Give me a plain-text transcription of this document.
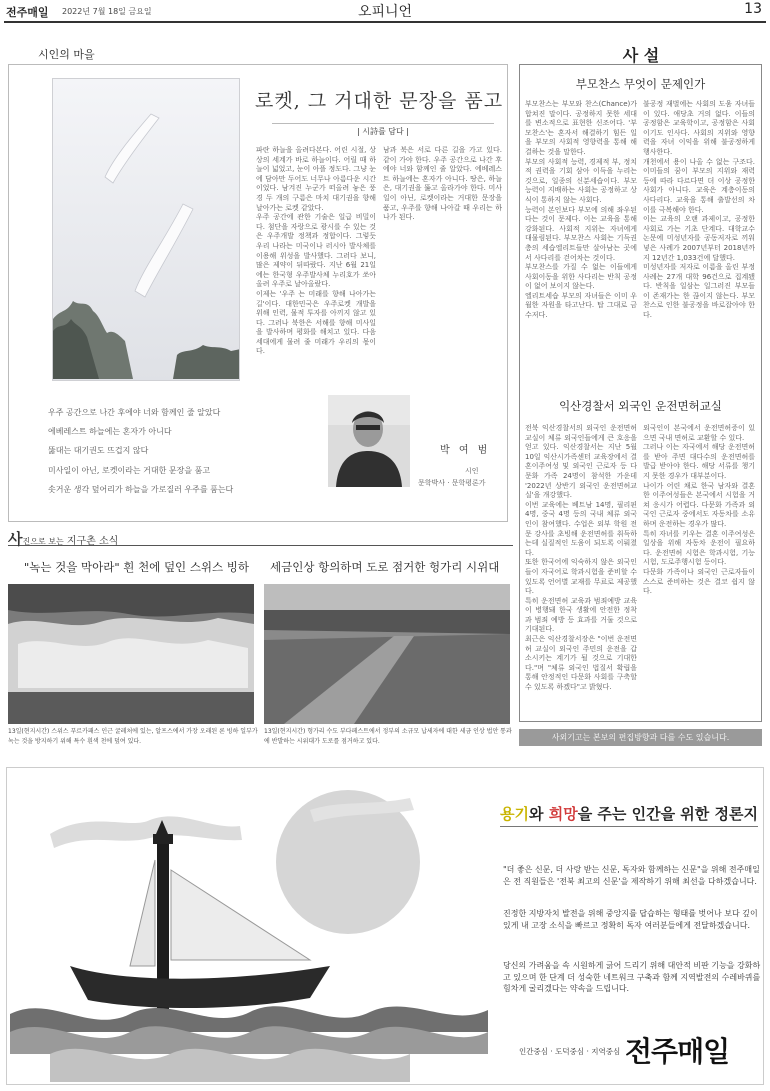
전주매일 2022년 7월 18일 금요일	오피니언	13
시인의 마을
로켓, 그 거대한 문장을 품고
| 시詩를 담다 |

파란 하늘을 올려다본다. 어린 시절, 상상의 세계가 바로 하늘이다. 어릴 때 하늘이 넓었고, 눈이 아플 정도다. 그냥 눈에 담아만 두어도 너무나 아름다운 시간이었다. 남겨진 누군가 떠올려 놓은 풍경 두 개의 구름은 마치 대기권을 향해 날아가는 로켓 같았다.

우주 공간에 관한 기술은 일급 비밀이다. 첨단을 자랑으로 광시를 수 있는 것은 우주개발 정책과 정합이다. 그렇듯 우리 나라는 미국이나 러시아 발사체를 이용해 위성을 발사했다. 그러다 보니, 많은 제약이 뒤따랐다. 지난 6월 21일에는 한국형 우주발사체 누리호가 쏘아 올려 우주로 날아올랐다.

이제는 '우주 는 미래를 향해 나아가는 길'이다. 대한민국은 우주로켓 개발을 위해 인력, 물적 투자를 아끼지 않고 있다. 그러나 북한은 서해를 향해 미사일을 발사하며 평화를 해치고 있다. 다음 세대에게 물려 줄 미래가 우리의 몫이다.

남과 북은 서로 다른 길을 가고 있다. 같이 가야 한다. 우주 공간으로 나간 후에야 너와 함께인 줄 알았다. 에베레스트 하늘에는 혼자가 아니다. 땅은, 하늘은, 대기권을 뚫고 올라가야 한다. 미사일이 아닌, 로켓이라는 거대한 문장을 품고, 우주를 향해 나아갈 때 우리는 하나가 된다.

우주 공간으로 나간 후에야 너와 함께인 줄 알았다

에베레스트 하늘에는 혼자가 아니다

뚫대는 대기권도 뜨겁지 않다

미사일이 아닌, 로켓이라는 거대한 문장을 품고

솟거운 생각 덮어리가 하늘을 가로질러 우주를 품는다

박 여 범
시인
문학박사 · 문학평론가
사진으로 보는 지구촌 소식
"녹는 것을 막아라" 흰 천에 덮인 스위스 빙하 세금인상 항의하며 도로 점거한 헝가리 시위대
13일(현지시간) 스위스 푸르카패스 인근 굴레처에 있는, 알프스에서 가장 오래된 론 빙하 일부가 녹는 것을 방지하기 위해 특수 흰색 천에 덮여 있다.
13일(현지시간) 헝가리 수도 부다페스트에서 정부의 소규모 납세자에 대한 세금 인상 법안 통과에 반발하는 시위대가 도로를 점거하고 있다.
사 설
부모찬스 무엇이 문제인가

부모찬스는 부모와 찬스(Chance)가 합쳐진 말이다. 공정하지 못한 세대를 변소적으로 표현한 신조어다. '부모찬스'는 혼자서 해결하기 힘든 일을 부모의 사회적 영향력을 통해 해결하는 것을 말한다.

부모의 사회적 능력, 경제적 부, 정치적 권력을 기회 삼아 이득을 누리는 것으로, 일종의 신분세습이다. 부모 능력이 지배하는 사회는 공정하고 상식이 통하지 않는 사회다.

능력이 본인보다 부모에 의해 좌우된다는 것이 문제다. 이는 교육을 통해 강화된다. 사회적 지위는 자녀에게 대물림된다. 부모찬스 사회는 기득권층의 세습엘리트들만 살아남는 곳에서 사다리를 걷어차는 것이다.

부모찬스를 가질 수 없는 이들에게 사회이동을 위한 사다리는 반칙 공정이 없어 보이지 않는다.

엘리트세습 부모의 자녀들은 이미 우월한 자원을 타고난다. 탑 그대로 금수저다.

불공정 재벌에는 사회의 도움 자녀들이 있다. 애당초 거의 없다. 이들의 공정함은 교육학이고, 공정함은 사회이기도 인사다. 사회의 지위와 영향력을 자녀 이익을 위해 불공정하게 행사한다.

개천에서 용이 나올 수 없는 구조다. 이미들의 꿈이 부모의 지위와 재력 등에 따라 다르다면 더 이상 공정한 사회가 아니다. 교육은 계층이동의 사다리다. 교육을 통해 출발선의 차이를 극복해야 한다.

이는 교육의 오랜 과제이고, 공정한 사회로 가는 기초 단계다. 대학교수 논문에 미성년자를 공동저자로 끼워 넣은 사례가 2007년부터 2018년까지 12년간 1,033건에 달했다.

미성년자를 저자로 이름을 올린 부정 사례는 27개 대학 96건으로 집계됐다. 반칙을 일삼는 일그러진 부모들이 존재가는 한 끊이지 않는다. 부모찬스로 인한 불공정을 바로잡아야 한다.

익산경찰서 외국인 운전면허교실

전북 익산경찰서의 외국인 운전면허 교실이 체류 외국인들에게 큰 호응을 얻고 있다. 익산경찰서는 지난 5월 10일 익산시가족센터 교육장에서 결혼이주여성 및 외국인 근로자 등 다문화 가족 24명이 참석한 가운데 '2022년 상반기 외국인 운전면허교실'을 개강했다.

이번 교육에는 베트남 14명, 필리핀 4명, 중국 4명 등의 국내 체류 외국인이 참여했다. 수업은 외부 학원 전문 강사를 초빙해 운전면허를 취득하는데 실질적인 도움이 되도록 이뤄졌다.

또한 한국어에 익숙하지 않은 외국인들이 자국어로 학과시험을 준비할 수 있도록 언어별 교재를 무료로 제공했다.

특히 운전면허 교육과 범죄예방 교육이 병행돼 한국 생활에 안전한 정착과 범죄 예방 등 효과를 거둘 것으로 기대된다.

최근은 익산경찰서장은 "이번 운전면허 교실이 외국인 주민의 운전을 갑소시키는 계기가 될 것으로 기대한다."며 "체류 외국인 법질서 확립을 통해 안정적인 다문화 사회를 구축할 수 있도록 하겠다"고 밝혔다.

외국인이 본국에서 운전면허증이 있으면 국내 면허로 교환할 수 있다.

그러나 이는 자국에서 해당 운전면허를 받아 주면 대다수의 운전면허를 발급 받아야 한다. 해당 서류를 챙기지 못한 경우가 대부분이다.

나이가 어린 채로 한국 남자와 결혼한 이주여성들은 본국에서 시험을 거쳐 응시가 어렵다. 다문화 가족과 외국인 근로자 중에서도 자동차를 소유하며 운전하는 경우가 많다.

특히 자녀를 키우는 결혼 이주여성은 일상을 위해 자동차 운전이 필요하다. 운전면허 시험은 학과시험, 기능시험, 도로주행시험 등이다.

다문화 가족이나 외국인 근로자들이 스스로 준비하는 것은 결코 쉽지 않다.

사외기고는 본보의 편집방향과 다를 수도 있습니다.
용기와 희망을 주는 인간을 위한 정론지
"더 좋은 신문, 더 사랑 받는 신문, 독자와 함께하는 신문"을 위해 전주매일은 전 직원들은 '전북 최고의 신문'을 제작하기 위해 최선을 다하겠습니다.
진정한 지방자치 발전을 위해 중앙지를 답습하는 형태를 벗어나 보다 깊이 있게 내 고장 소식을 빠르고 정확히 독자 여러분들에게 전달하겠습니다.
당신의 가려움을 속 시원하게 긁어 드리기 위해 대안적 비판 기능을 강화하고 있으며 한 단계 더 성숙한 네트워크 구축과 함께 지역발전의 수레바퀴를 힘차게 굴리겠다는 약속을 드립니다.
인간중심 · 도덕중심 · 지역중심 전주매일
